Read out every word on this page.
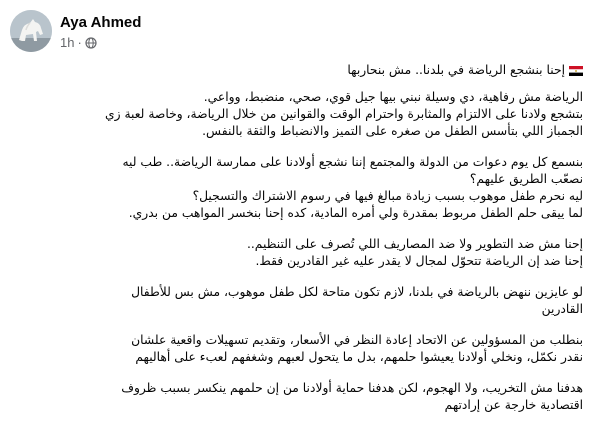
Aya Ahmed
1h ·

إحنا بنشجع الرياضة في بلدنا.. مش بنحاربها

الرياضة مش رفاهية، دي وسيلة نبني بيها جيل قوي، صحي، منضبط، وواعي.
بتشجع ولادنا على الالتزام والمثابرة واحترام الوقت والقوانين من خلال الرياضة، وخاصة لعبة زي
الجمباز اللي بتأسس الطفل من صغره على التميز والانضباط والثقة بالنفس.

بنسمع كل يوم دعوات من الدولة والمجتمع إننا نشجع أولادنا على ممارسة الرياضة.. طب ليه
نصعّب الطريق عليهم؟
ليه نحرم طفل موهوب بسبب زيادة مبالغ فيها في رسوم الاشتراك والتسجيل؟
لما ييقى حلم الطفل مربوط بمقدرة ولي أمره المادية، كده إحنا بنخسر المواهب من بدري.

إحنا مش ضد التطوير ولا ضد المصاريف اللي تُصرف على التنظيم..
إحنا ضد إن الرياضة تتحوّل لمجال لا يقدر عليه غير القادرين فقط.

لو عايزين ننهض بالرياضة في بلدنا، لازم تكون متاحة لكل طفل موهوب، مش بس للأطفال
القادرين

بنطلب من المسؤولين عن الاتحاد إعادة النظر في الأسعار، وتقديم تسهيلات واقعية علشان
نقدر نكمّل، ونخلي أولادنا يعيشوا حلمهم، بدل ما يتحول لعبهم وشغفهم لعبء على أهاليهم

هدفنا مش التخريب، ولا الهجوم، لكن هدفنا حماية أولادنا من إن حلمهم ينكسر بسبب ظروف
اقتصادية خارجة عن إرادتهم
